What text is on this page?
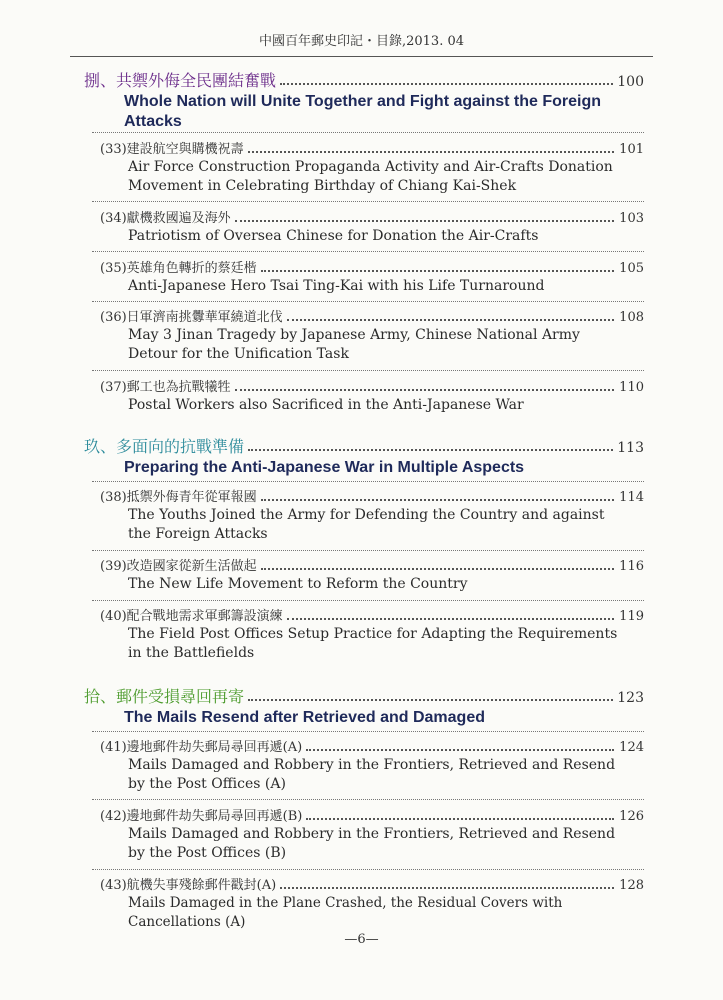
中國百年郵史印記・目錄,2013. 04
捌、共禦外侮全民團結奮戰	100
Whole Nation will Unite Together and Fight against the Foreign Attacks
(33)建設航空與購機祝壽	101
Air Force Construction Propaganda Activity and Air-Crafts Donation Movement in Celebrating Birthday of Chiang Kai-Shek
(34)獻機救國遍及海外	103
Patriotism of Oversea Chinese for Donation the Air-Crafts
(35)英雄角色轉折的蔡廷楷	105
Anti-Japanese Hero Tsai Ting-Kai with his Life Turnaround
(36)日軍濟南挑釁華軍繞道北伐	108
May 3 Jinan Tragedy by Japanese Army, Chinese National Army Detour for the Unification Task
(37)郵工也為抗戰犧牲	110
Postal Workers also Sacrificed in the Anti-Japanese War
玖、多面向的抗戰準備	113
Preparing the Anti-Japanese War in Multiple Aspects
(38)抵禦外侮青年從軍報國	114
The Youths Joined the Army for Defending the Country and against the Foreign Attacks
(39)改造國家從新生活做起	116
The New Life Movement to Reform the Country
(40)配合戰地需求軍郵籌設演練	119
The Field Post Offices Setup Practice for Adapting the Requirements in the Battlefields
拾、郵件受損尋回再寄	123
The Mails Resend after Retrieved and Damaged
(41)邊地郵件劫失郵局尋回再遞(A)	124
Mails Damaged and Robbery in the Frontiers, Retrieved and Resend by the Post Offices (A)
(42)邊地郵件劫失郵局尋回再遞(B)	126
Mails Damaged and Robbery in the Frontiers, Retrieved and Resend by the Post Offices (B)
(43)航機失事殘餘郵件戳封(A)	128
Mails Damaged in the Plane Crashed, the Residual Covers with Cancellations (A)
—6—
